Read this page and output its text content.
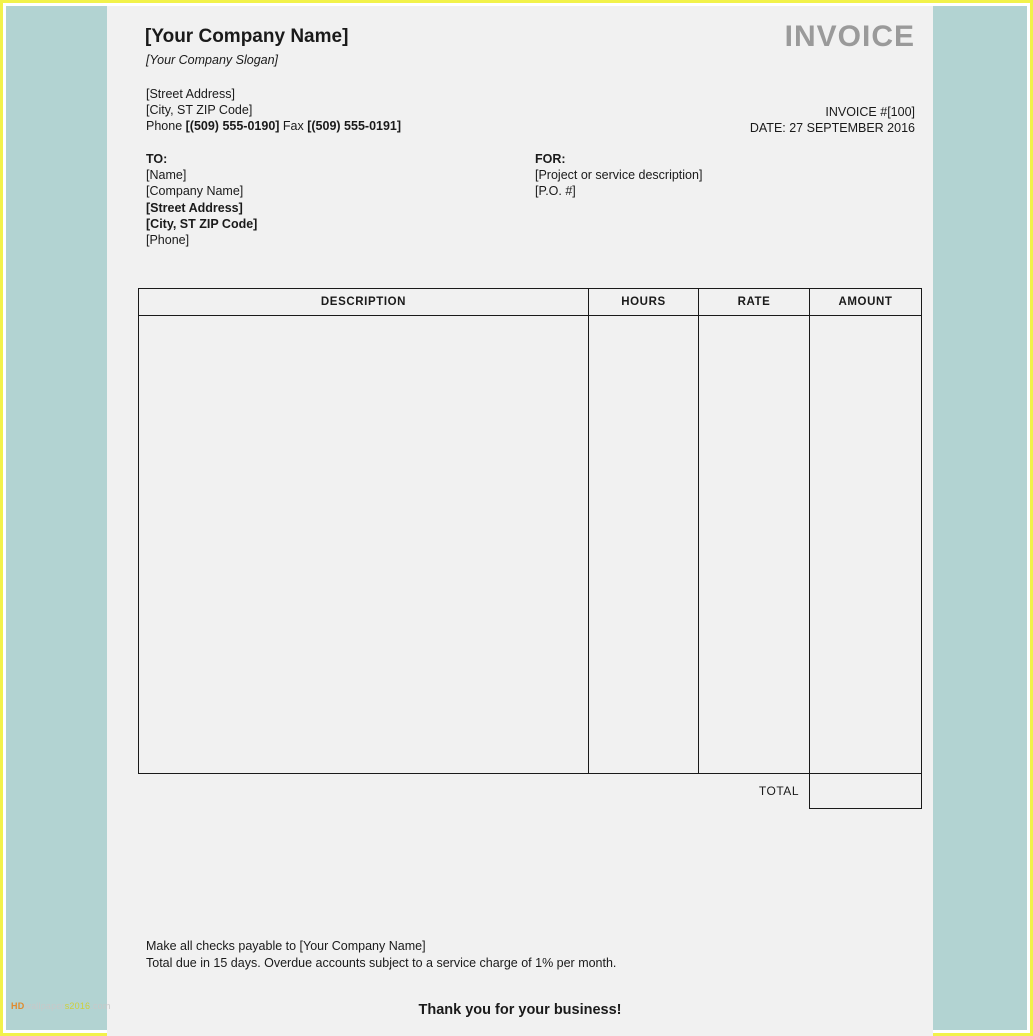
[Your Company Name]
[Your Company Slogan]
INVOICE
[Street Address]
[City, ST ZIP Code]
Phone [(509) 555-0190] Fax [(509) 555-0191]
INVOICE #[100]
DATE: 27 SEPTEMBER 2016
TO:
[Name]
[Company Name]
[Street Address]
[City, ST ZIP Code]
[Phone]
FOR:
[Project or service description]
[P.O. #]
DESCRIPTION	HOURS	RATE	AMOUNT

		TOTAL	
Make all checks payable to [Your Company Name]
Total due in 15 days. Overdue accounts subject to a service charge of 1% per month.
Thank you for your business!
HDwallpapers2016.com
